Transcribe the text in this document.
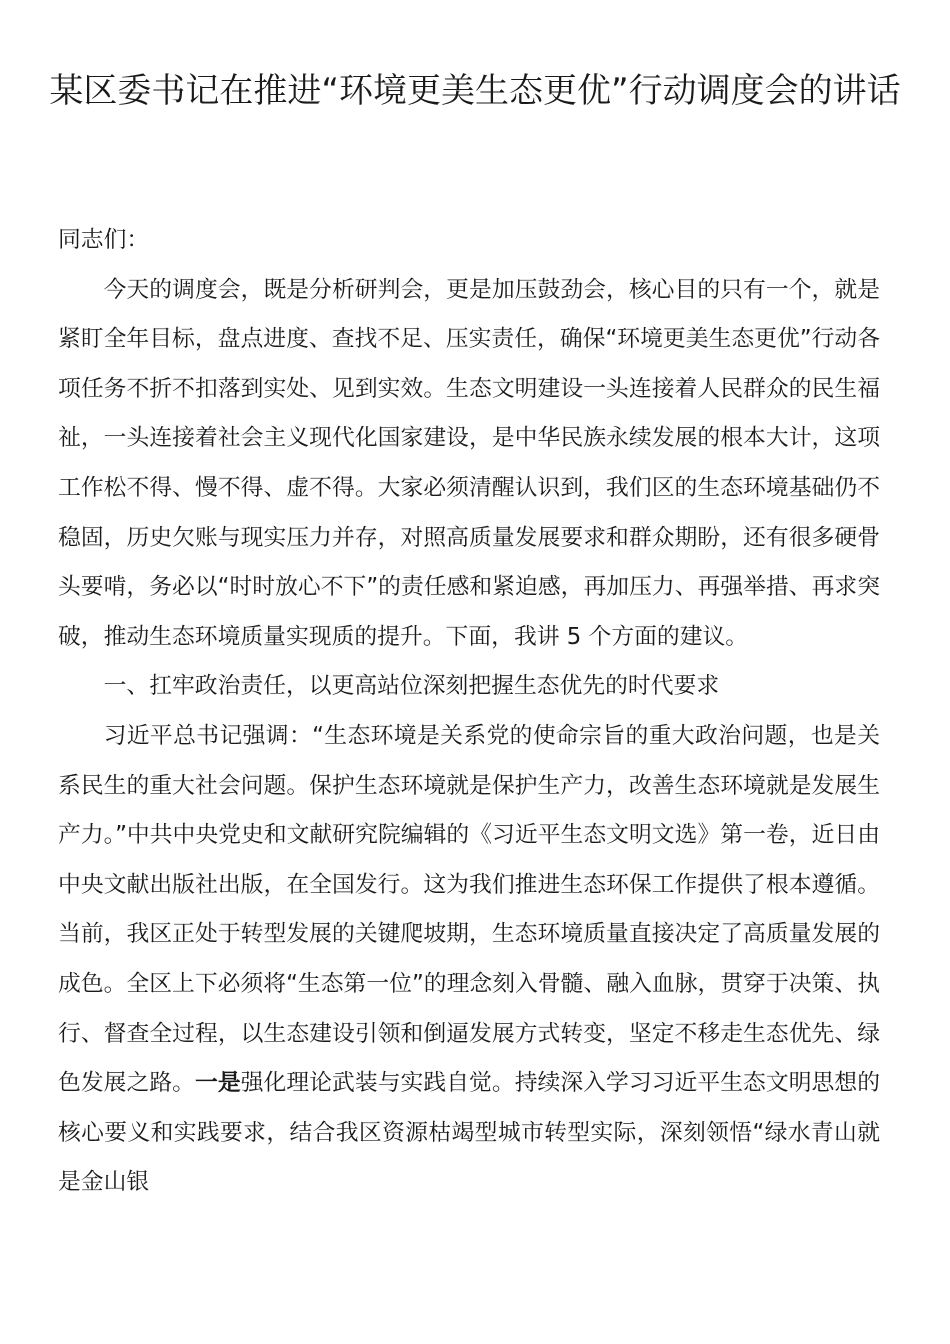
某区委书记在推进“环境更美生态更优”行动调度会的讲话

同志们：

今天的调度会，既是分析研判会，更是加压鼓劲会，核心目的只有一个，就是紧盯全年目标，盘点进度、查找不足、压实责任，确保“环境更美生态更优”行动各项任务不折不扣落到实处、见到实效。生态文明建设一头连接着人民群众的民生福祉，一头连接着社会主义现代化国家建设，是中华民族永续发展的根本大计，这项工作松不得、慢不得、虚不得。大家必须清醒认识到，我们区的生态环境基础仍不稳固，历史欠账与现实压力并存，对照高质量发展要求和群众期盼，还有很多硬骨头要啃，务必以“时时放心不下”的责任感和紧迫感，再加压力、再强举措、再求突破，推动生态环境质量实现质的提升。下面，我讲 5 个方面的建议。

一、扛牢政治责任，以更高站位深刻把握生态优先的时代要求

习近平总书记强调：“生态环境是关系党的使命宗旨的重大政治问题，也是关系民生的重大社会问题。保护生态环境就是保护生产力，改善生态环境就是发展生产力。”中共中央党史和文献研究院编辑的《习近平生态文明文选》第一卷，近日由中央文献出版社出版，在全国发行。这为我们推进生态环保工作提供了根本遵循。当前，我区正处于转型发展的关键爬坡期，生态环境质量直接决定了高质量发展的成色。全区上下必须将“生态第一位”的理念刻入骨髓、融入血脉，贯穿于决策、执行、督查全过程，以生态建设引领和倒逼发展方式转变，坚定不移走生态优先、绿色发展之路。一是强化理论武装与实践自觉。持续深入学习习近平生态文明思想的核心要义和实践要求，结合我区资源枯竭型城市转型实际，深刻领悟“绿水青山就是金山银
